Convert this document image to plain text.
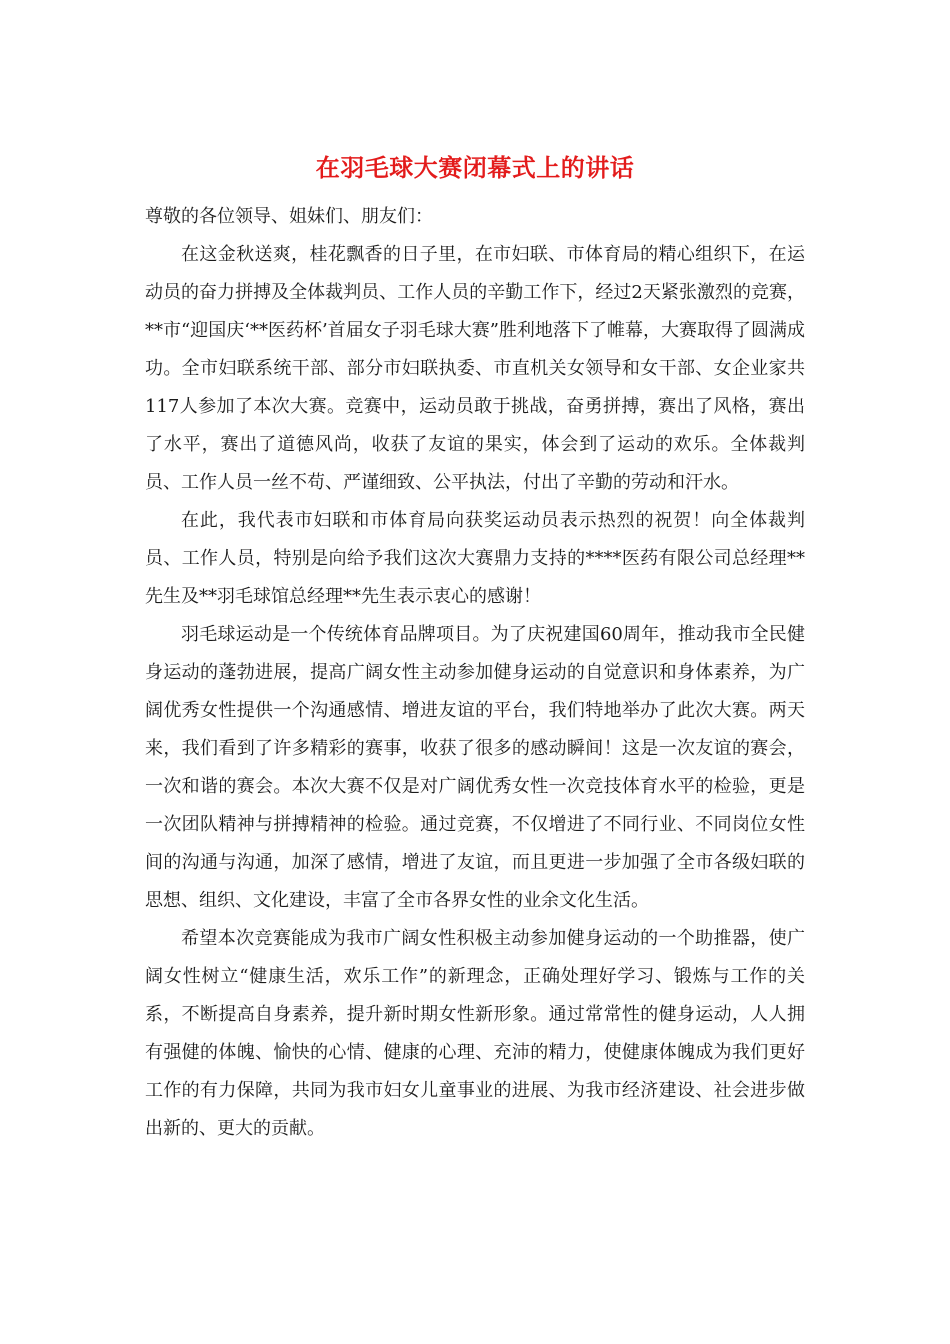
在羽毛球大赛闭幕式上的讲话

尊敬的各位领导、姐妹们、朋友们：

在这金秋送爽，桂花飘香的日子里，在市妇联、市体育局的精心组织下，在运动员的奋力拼搏及全体裁判员、工作人员的辛勤工作下，经过2天紧张激烈的竞赛，**市“迎国庆‘**医药杯’首届女子羽毛球大赛”胜利地落下了帷幕，大赛取得了圆满成功。全市妇联系统干部、部分市妇联执委、市直机关女领导和女干部、女企业家共117人参加了本次大赛。竞赛中，运动员敢于挑战，奋勇拼搏，赛出了风格，赛出了水平，赛出了道德风尚，收获了友谊的果实，体会到了运动的欢乐。全体裁判员、工作人员一丝不苟、严谨细致、公平执法，付出了辛勤的劳动和汗水。

在此，我代表市妇联和市体育局向获奖运动员表示热烈的祝贺！向全体裁判员、工作人员，特别是向给予我们这次大赛鼎力支持的****医药有限公司总经理**先生及**羽毛球馆总经理**先生表示衷心的感谢！

羽毛球运动是一个传统体育品牌项目。为了庆祝建国60周年，推动我市全民健身运动的蓬勃进展，提高广阔女性主动参加健身运动的自觉意识和身体素养，为广阔优秀女性提供一个沟通感情、增进友谊的平台，我们特地举办了此次大赛。两天来，我们看到了许多精彩的赛事，收获了很多的感动瞬间！这是一次友谊的赛会，一次和谐的赛会。本次大赛不仅是对广阔优秀女性一次竞技体育水平的检验，更是一次团队精神与拼搏精神的检验。通过竞赛，不仅增进了不同行业、不同岗位女性间的沟通与沟通，加深了感情，增进了友谊，而且更进一步加强了全市各级妇联的思想、组织、文化建设，丰富了全市各界女性的业余文化生活。

希望本次竞赛能成为我市广阔女性积极主动参加健身运动的一个助推器，使广阔女性树立“健康生活，欢乐工作”的新理念，正确处理好学习、锻炼与工作的关系，不断提高自身素养，提升新时期女性新形象。通过常常性的健身运动，人人拥有强健的体魄、愉快的心情、健康的心理、充沛的精力，使健康体魄成为我们更好工作的有力保障，共同为我市妇女儿童事业的进展、为我市经济建设、社会进步做出新的、更大的贡献。
